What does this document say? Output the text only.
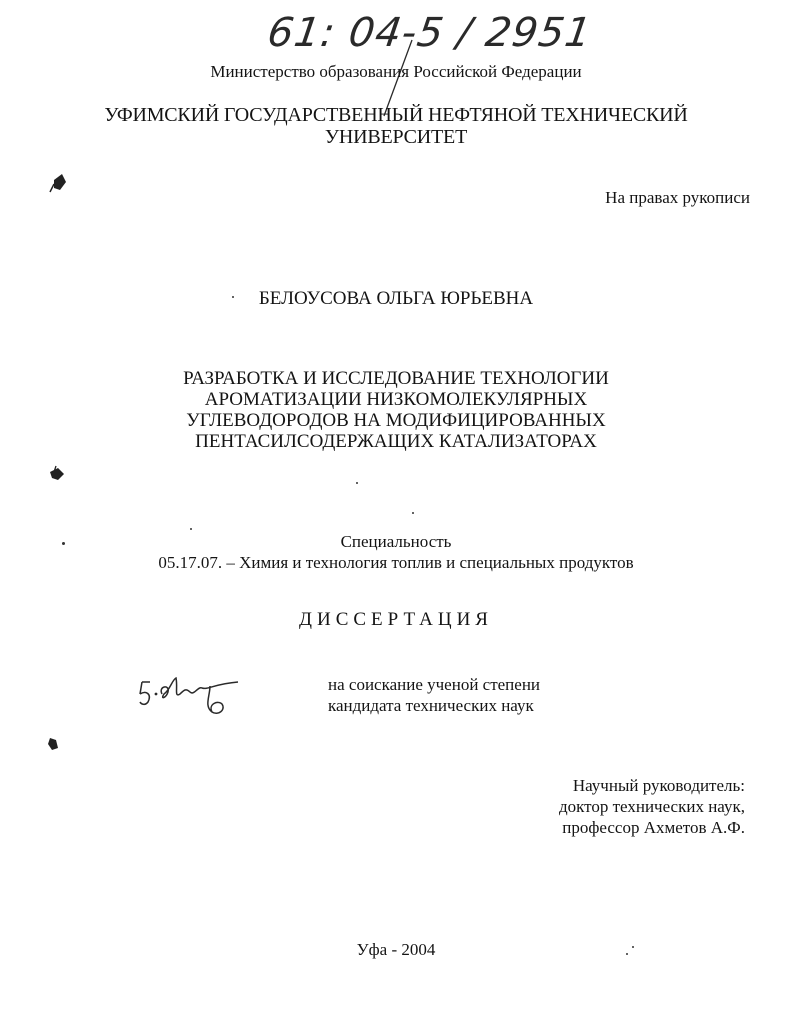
61: 04-5 / 2951
Министерство образования Российской Федерации
УФИМСКИЙ ГОСУДАРСТВЕННЫЙ НЕФТЯНОЙ ТЕХНИЧЕСКИЙ
УНИВЕРСИТЕТ
На правах рукописи
БЕЛОУСОВА ОЛЬГА ЮРЬЕВНА
РАЗРАБОТКА И ИССЛЕДОВАНИЕ ТЕХНОЛОГИИ
АРОМАТИЗАЦИИ НИЗКОМОЛЕКУЛЯРНЫХ
УГЛЕВОДОРОДОВ НА МОДИФИЦИРОВАННЫХ
ПЕНТАСИЛСОДЕРЖАЩИХ КАТАЛИЗАТОРАХ
Специальность
05.17.07. – Химия и технология топлив и специальных продуктов
ДИССЕРТАЦИЯ
на соискание ученой степени
кандидата технических наук
Научный руководитель:
доктор технических наук,
профессор Ахметов А.Ф.
Уфа - 2004
